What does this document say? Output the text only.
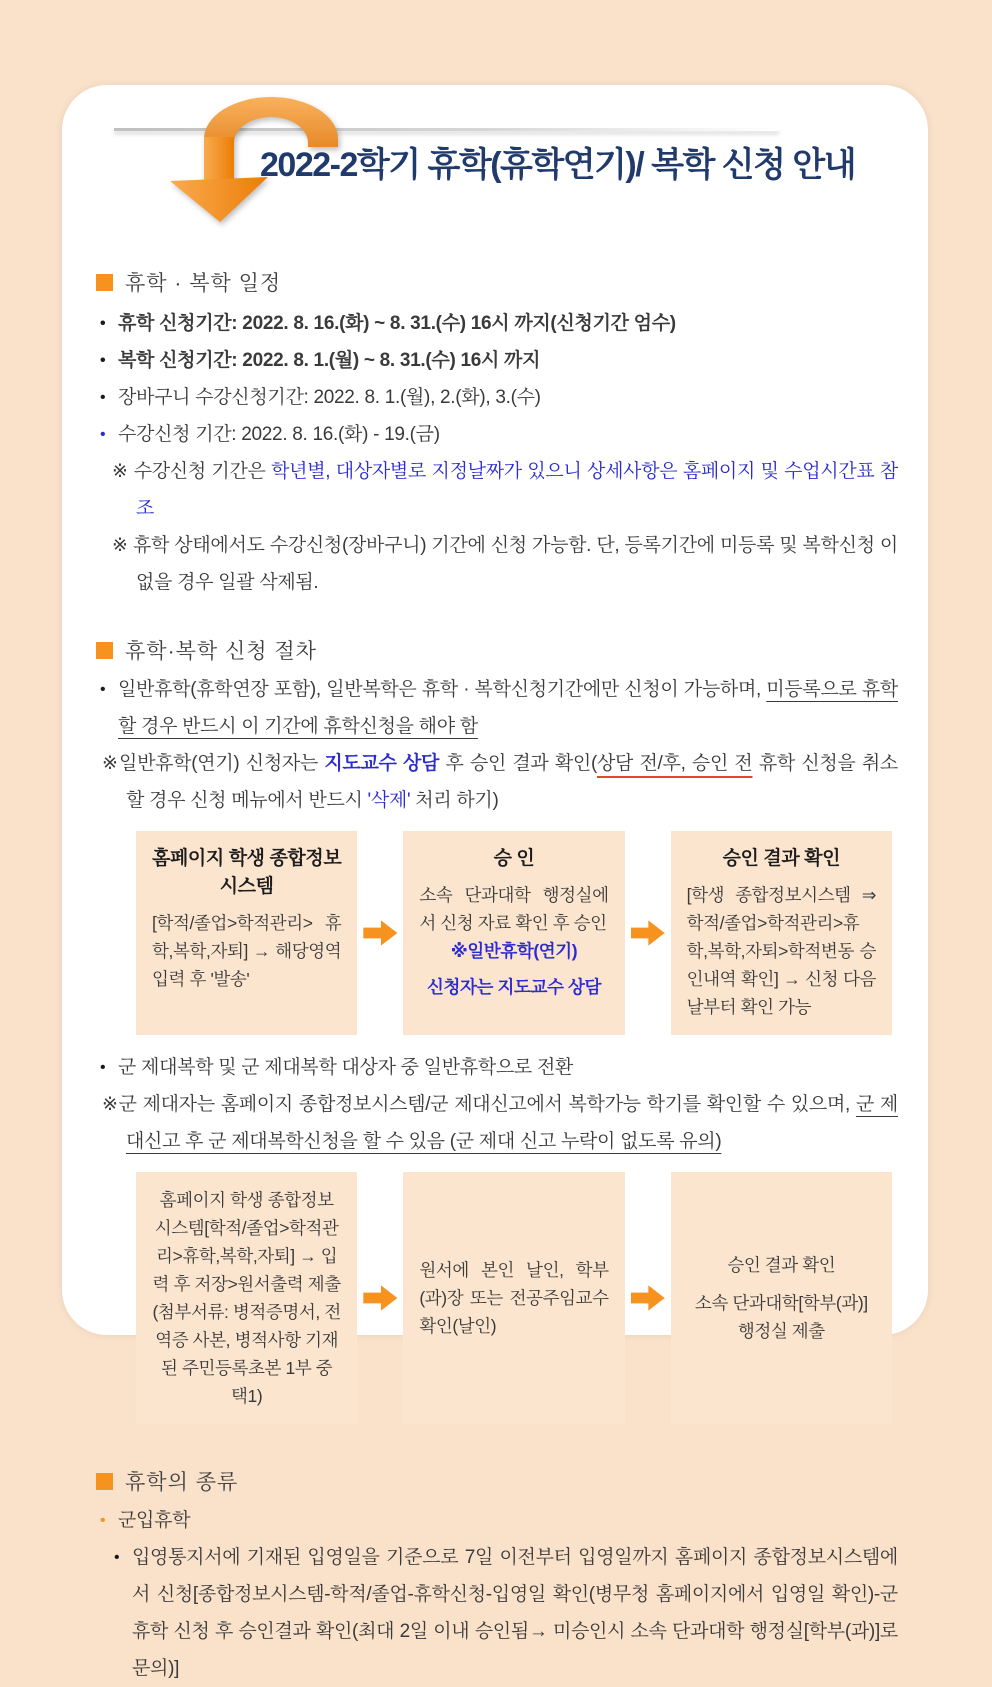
2022-2학기 휴학(휴학연기)/ 복학 신청 안내
휴학 · 복학 일정
• 휴학 신청기간: 2022. 8. 16.(화) ~ 8. 31.(수) 16시 까지(신청기간 엄수)
• 복학 신청기간: 2022. 8. 1.(월) ~ 8. 31.(수) 16시 까지
• 장바구니 수강신청기간: 2022. 8. 1.(월), 2.(화), 3.(수)
• 수강신청 기간: 2022. 8. 16.(화) - 19.(금)

※ 수강신청 기간은 학년별, 대상자별로 지정날짜가 있으니 상세사항은 홈페이지 및 수업시간표 참조

※ 휴학 상태에서도 수강신청(장바구니) 기간에 신청 가능함. 단, 등록기간에 미등록 및 복학신청 이 없을 경우 일괄 삭제됨.

휴학·복학 신청 절차

• 일반휴학(휴학연장 포함), 일반복학은 휴학 · 복학신청기간에만 신청이 가능하며, 미등록으로 휴학할 경우 반드시 이 기간에 휴학신청을 해야 함

※일반휴학(연기) 신청자는 지도교수 상담 후 승인 결과 확인(상담 전/후, 승인 전 휴학 신청을 취소 할 경우 신청 메뉴에서 반드시 '삭제' 처리 하기)

홈페이지 학생 종합정보시스템
[학적/졸업>학적관리> 휴학,복학,자퇴] → 해당영역 입력 후 '발송'
승 인
소속 단과대학 행정실에서 신청 자료 확인 후 승인
※일반휴학(연기)
신청자는 지도교수 상담
승인 결과 확인
[학생 종합정보시스템 ⇒ 학적/졸업>학적관리>휴학,복학,자퇴>학적변동 승인내역 확인] → 신청 다음날부터 확인 가능
• 군 제대복학 및 군 제대복학 대상자 중 일반휴학으로 전환

※군 제대자는 홈페이지 종합정보시스템/군 제대신고에서 복학가능 학기를 확인할 수 있으며, 군 제대신고 후 군 제대복학신청을 할 수 있음 (군 제대 신고 누락이 없도록 유의)

홈페이지 학생 종합정보시스템[학적/졸업>학적관리>휴학,복학,자퇴] → 입력 후 저장>원서출력 제출(첨부서류: 병적증명서, 전역증 사본, 병적사항 기재된 주민등록초본 1부 중 택1)
원서에 본인 날인, 학부(과)장 또는 전공주임교수 확인(날인)
승인 결과 확인
소속 단과대학[학부(과)] 행정실 제출
휴학의 종류
• 군입휴학

• 입영통지서에 기재된 입영일을 기준으로 7일 이전부터 입영일까지 홈페이지 종합정보시스템에서 신청[종합정보시스템-학적/졸업-휴학신청-입영일 확인(병무청 홈페이지에서 입영일 확인)-군 휴학 신청 후 승인결과 확인(최대 2일 이내 승인됨→ 미승인시 소속 단과대학 행정실[학부(과)]로 문의)]
